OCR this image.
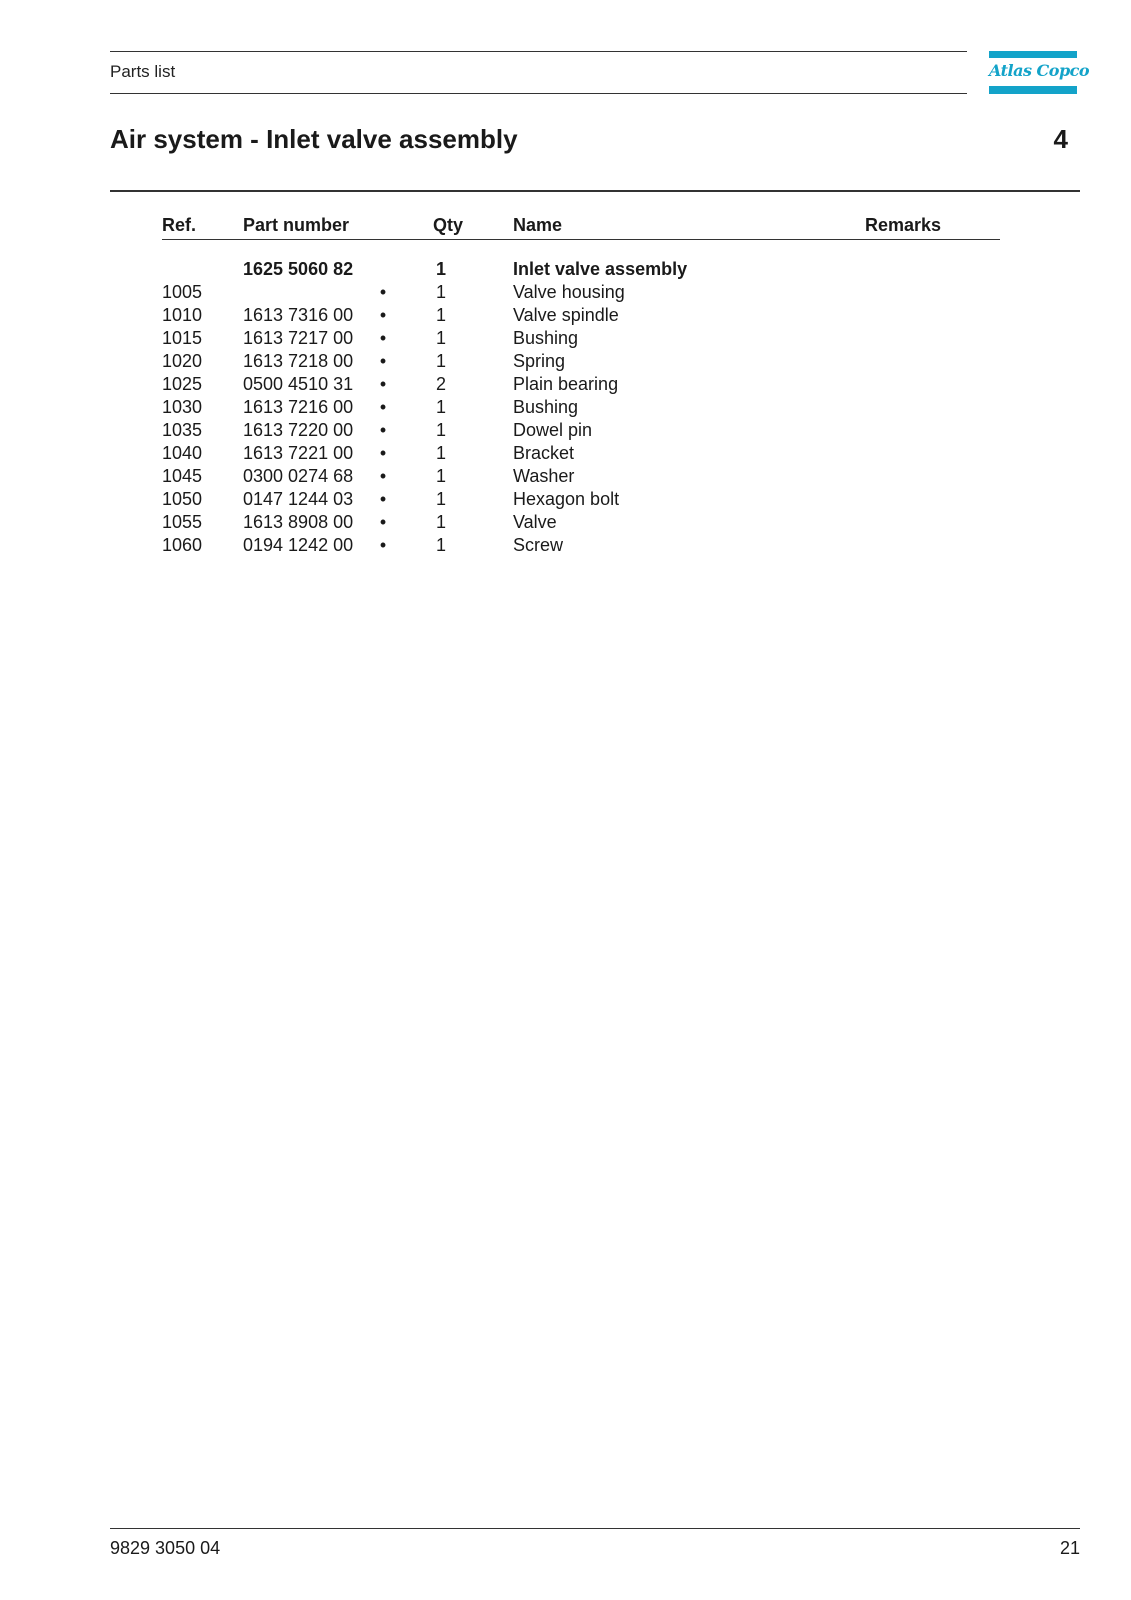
Parts list	Atlas Copco
Air system - Inlet valve assembly	4
Ref.	Part number	Qty	Name	Remarks
1625 5060 82	1	Inlet valve assembly
1005	•	1	Valve housing
1010 1613 7316 00 •	1	Valve spindle
1015 1613 7217 00 •	1	Bushing
1020 1613 7218 00 •	1	Spring
1025 0500 4510 31 •	2	Plain bearing
1030 1613 7216 00 •	1	Bushing
1035 1613 7220 00 •	1	Dowel pin
1040 1613 7221 00 •	1	Bracket
1045 0300 0274 68 •	1	Washer
1050 0147 1244 03 •	1	Hexagon bolt
1055 1613 8908 00 •	1	Valve
1060 0194 1242 00 •	1	Screw
9829 3050 04	21
